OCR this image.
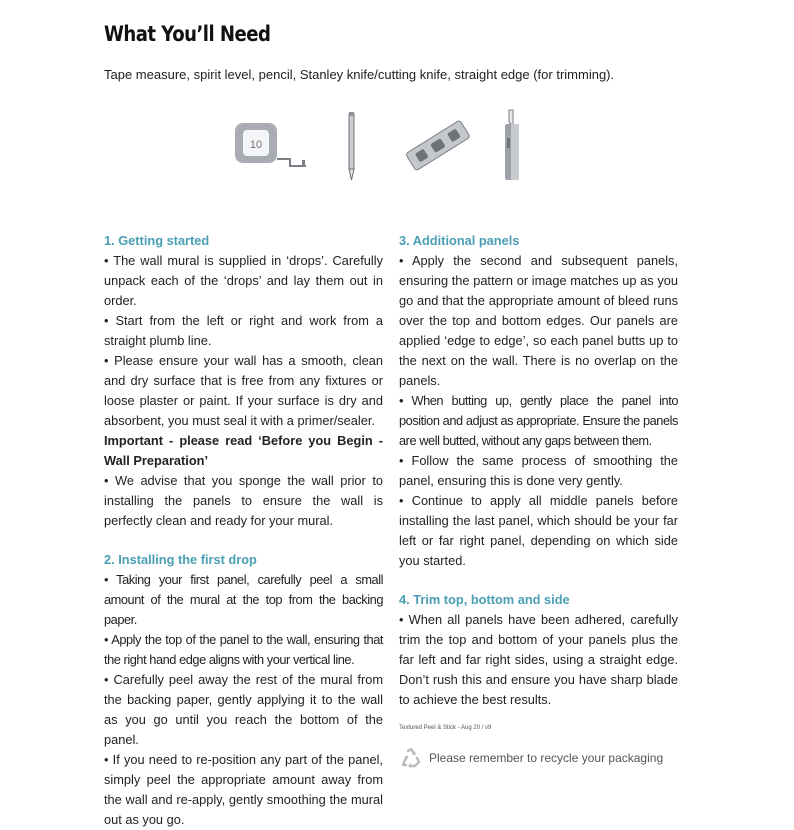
What You’ll Need

Tape measure, spirit level, pencil, Stanley knife/cutting knife, straight edge (for trimming).

10

1. Getting started

• The wall mural is supplied in ‘drops’. Carefully unpack each of the ‘drops’ and lay them out in order.

• Start from the left or right and work from a straight plumb line.

• Please ensure your wall has a smooth, clean and dry surface that is free from any fixtures or loose plaster or paint. If your surface is dry and absorbent, you must seal it with a primer/sealer.

Important - please read ‘Before you Begin - Wall Preparation’

• We advise that you sponge the wall prior to installing the panels to ensure the wall is perfectly clean and ready for your mural.

2. Installing the first drop

• Taking your first panel, carefully peel a small amount of the mural at the top from the backing paper.

• Apply the top of the panel to the wall, ensuring that the right hand edge aligns with your vertical line.

• Carefully peel away the rest of the mural from the backing paper, gently applying it to the wall as you go until you reach the bottom of the panel.

• If you need to re-position any part of the panel, simply peel the appropriate amount away from the wall and re-apply, gently smoothing the mural out as you go.

3. Additional panels

• Apply the second and subsequent panels, ensuring the pattern or image matches up as you go and that the appropriate amount of bleed runs over the top and bottom edges. Our panels are applied ‘edge to edge’, so each panel butts up to the next on the wall. There is no overlap on the panels.

• When butting up, gently place the panel into position and adjust as appropriate. Ensure the panels are well butted, without any gaps between them.

• Follow the same process of smoothing the panel, ensuring this is done very gently.

• Continue to apply all middle panels before installing the last panel, which should be your far left or far right panel, depending on which side you started.

4. Trim top, bottom and side

• When all panels have been adhered, carefully trim the top and bottom of your panels plus the far left and far right sides, using a straight edge. Don’t rush this and ensure you have sharp blade to achieve the best results.

Textured Peel & Stick - Aug 20 / v9

Please remember to recycle your packaging
